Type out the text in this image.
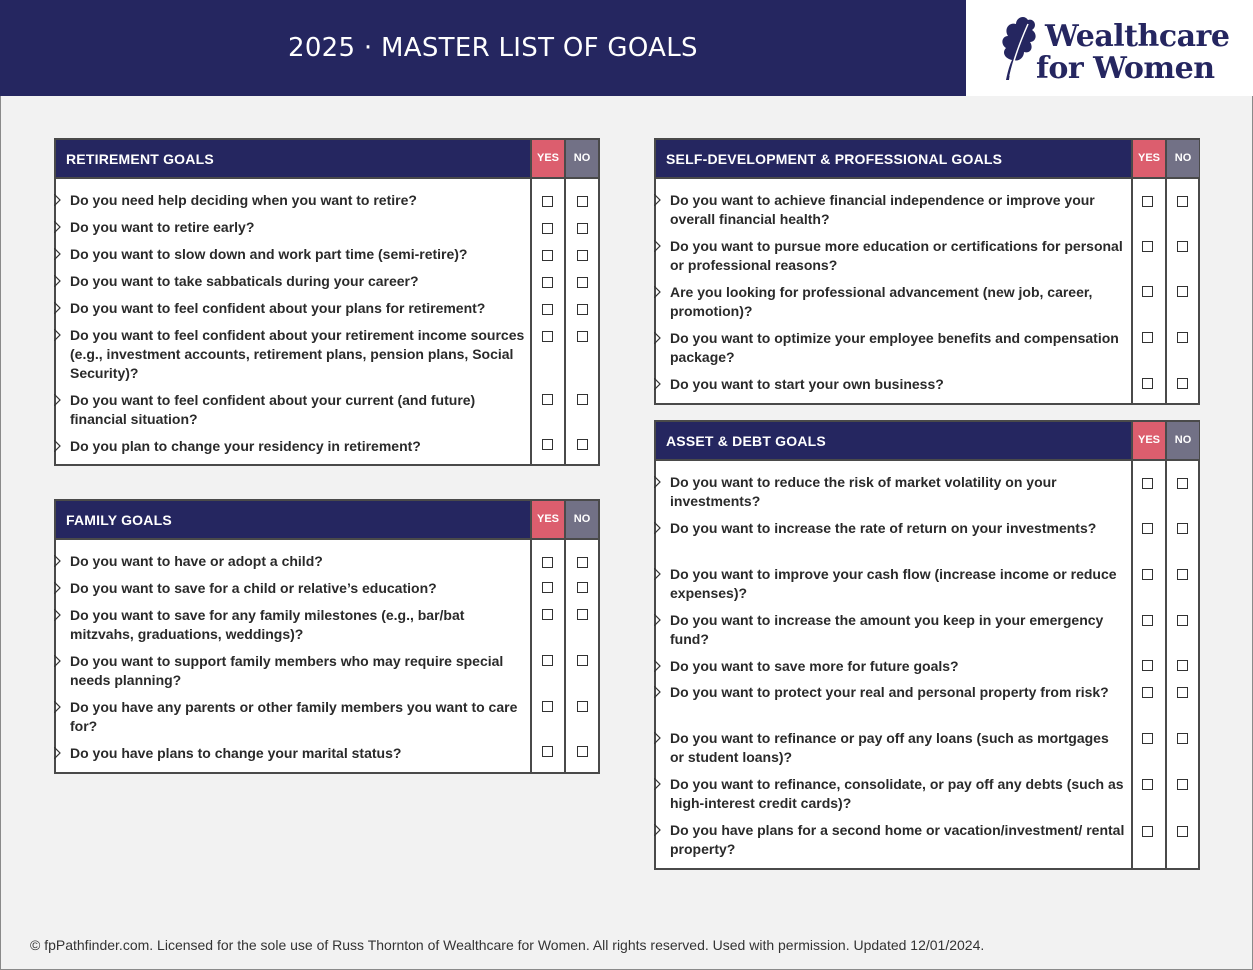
2025 · MASTER LIST OF GOALS	Wealthcare
for Women
RETIREMENT GOALS	YES	NO
Do you need help deciding when you want to retire?
Do you want to retire early?
Do you want to slow down and work part time (semi-retire)?
Do you want to take sabbaticals during your career?
Do you want to feel confident about your plans for retirement?
Do you want to feel confident about your retirement income sources (e.g., investment accounts, retirement plans, pension plans, Social Security)?
Do you want to feel confident about your current (and future) financial situation?
Do you plan to change your residency in retirement?
FAMILY GOALS	YES	NO
Do you want to have or adopt a child?
Do you want to save for a child or relative’s education?
Do you want to save for any family milestones (e.g., bar/bat mitzvahs, graduations, weddings)?
Do you want to support family members who may require special needs planning?
Do you have any parents or other family members you want to care for?
Do you have plans to change your marital status?
SELF-DEVELOPMENT & PROFESSIONAL GOALS	YES	NO
Do you want to achieve financial independence or improve your overall financial health?
Do you want to pursue more education or certifications for personal or professional reasons?
Are you looking for professional advancement (new job, career, promotion)?
Do you want to optimize your employee benefits and compensation package?
Do you want to start your own business?
ASSET & DEBT GOALS	YES	NO
Do you want to reduce the risk of market volatility on your investments?
Do you want to increase the rate of return on your investments?
Do you want to improve your cash flow (increase income or reduce expenses)?
Do you want to increase the amount you keep in your emergency fund?
Do you want to save more for future goals?
Do you want to protect your real and personal property from risk?
Do you want to refinance or pay off any loans (such as mortgages or student loans)?
Do you want to refinance, consolidate, or pay off any debts (such as high-interest credit cards)?
Do you have plans for a second home or vacation/investment/ rental property?
© fpPathfinder.com. Licensed for the sole use of Russ Thornton of Wealthcare for Women. All rights reserved. Used with permission. Updated 12/01/2024.
